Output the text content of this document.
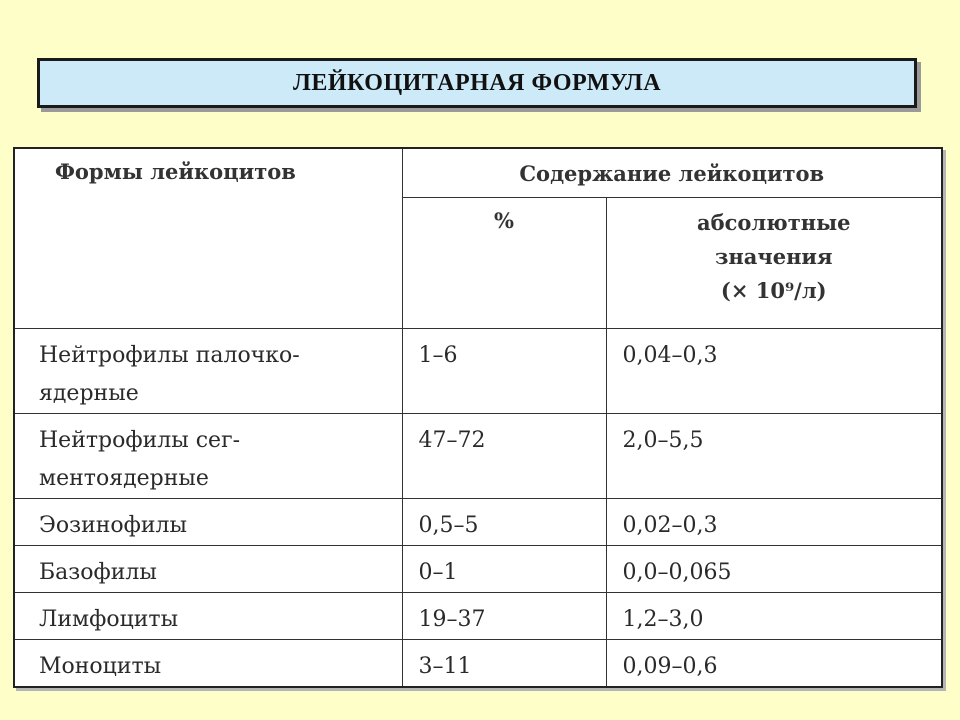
ЛЕЙКОЦИТАРНАЯ ФОРМУЛА
Формы лейкоцитов	Содержание лейкоцитов	
	%	абсолютные
значения
(× 10⁹/л)

Нейтрофилы палочко-ядерные	1–6	0,04–0,3
Нейтрофилы сег-ментоядерные	47–72	2,0–5,5
Эозинофилы	0,5–5	0,02–0,3
Базофилы	0–1	0,0–0,065
Лимфоциты	19–37	1,2–3,0
Моноциты	3–11	0,09–0,6
